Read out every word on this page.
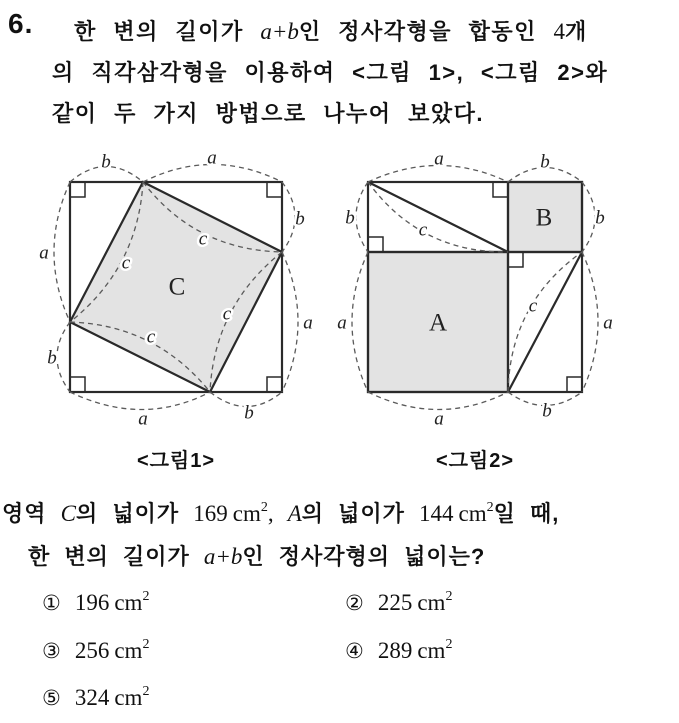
6. 한 변의 길이가 a+b인 정사각형을 합동인 4개
의 직각삼각형을 이용하여 <그림 1>, <그림 2>와
같이 두 가지 방법으로 나누어 보았다.
b	a
a
b
b
a
a	b
c
c
c
c
C
a	b
b
a
b
a
a	b
c
c
A
B
<그림1>	<그림2>
영역 C의 넓이가 169 $cm^2$, A의 넓이가 144 $cm^2$일 때,
한 변의 길이가 a+b인 정사각형의 넓이는?
① 196 $cm^2$	② 225 $cm^2$
③ 256 $cm^2$	④ 289 $cm^2$
⑤ 324 $cm^2$
